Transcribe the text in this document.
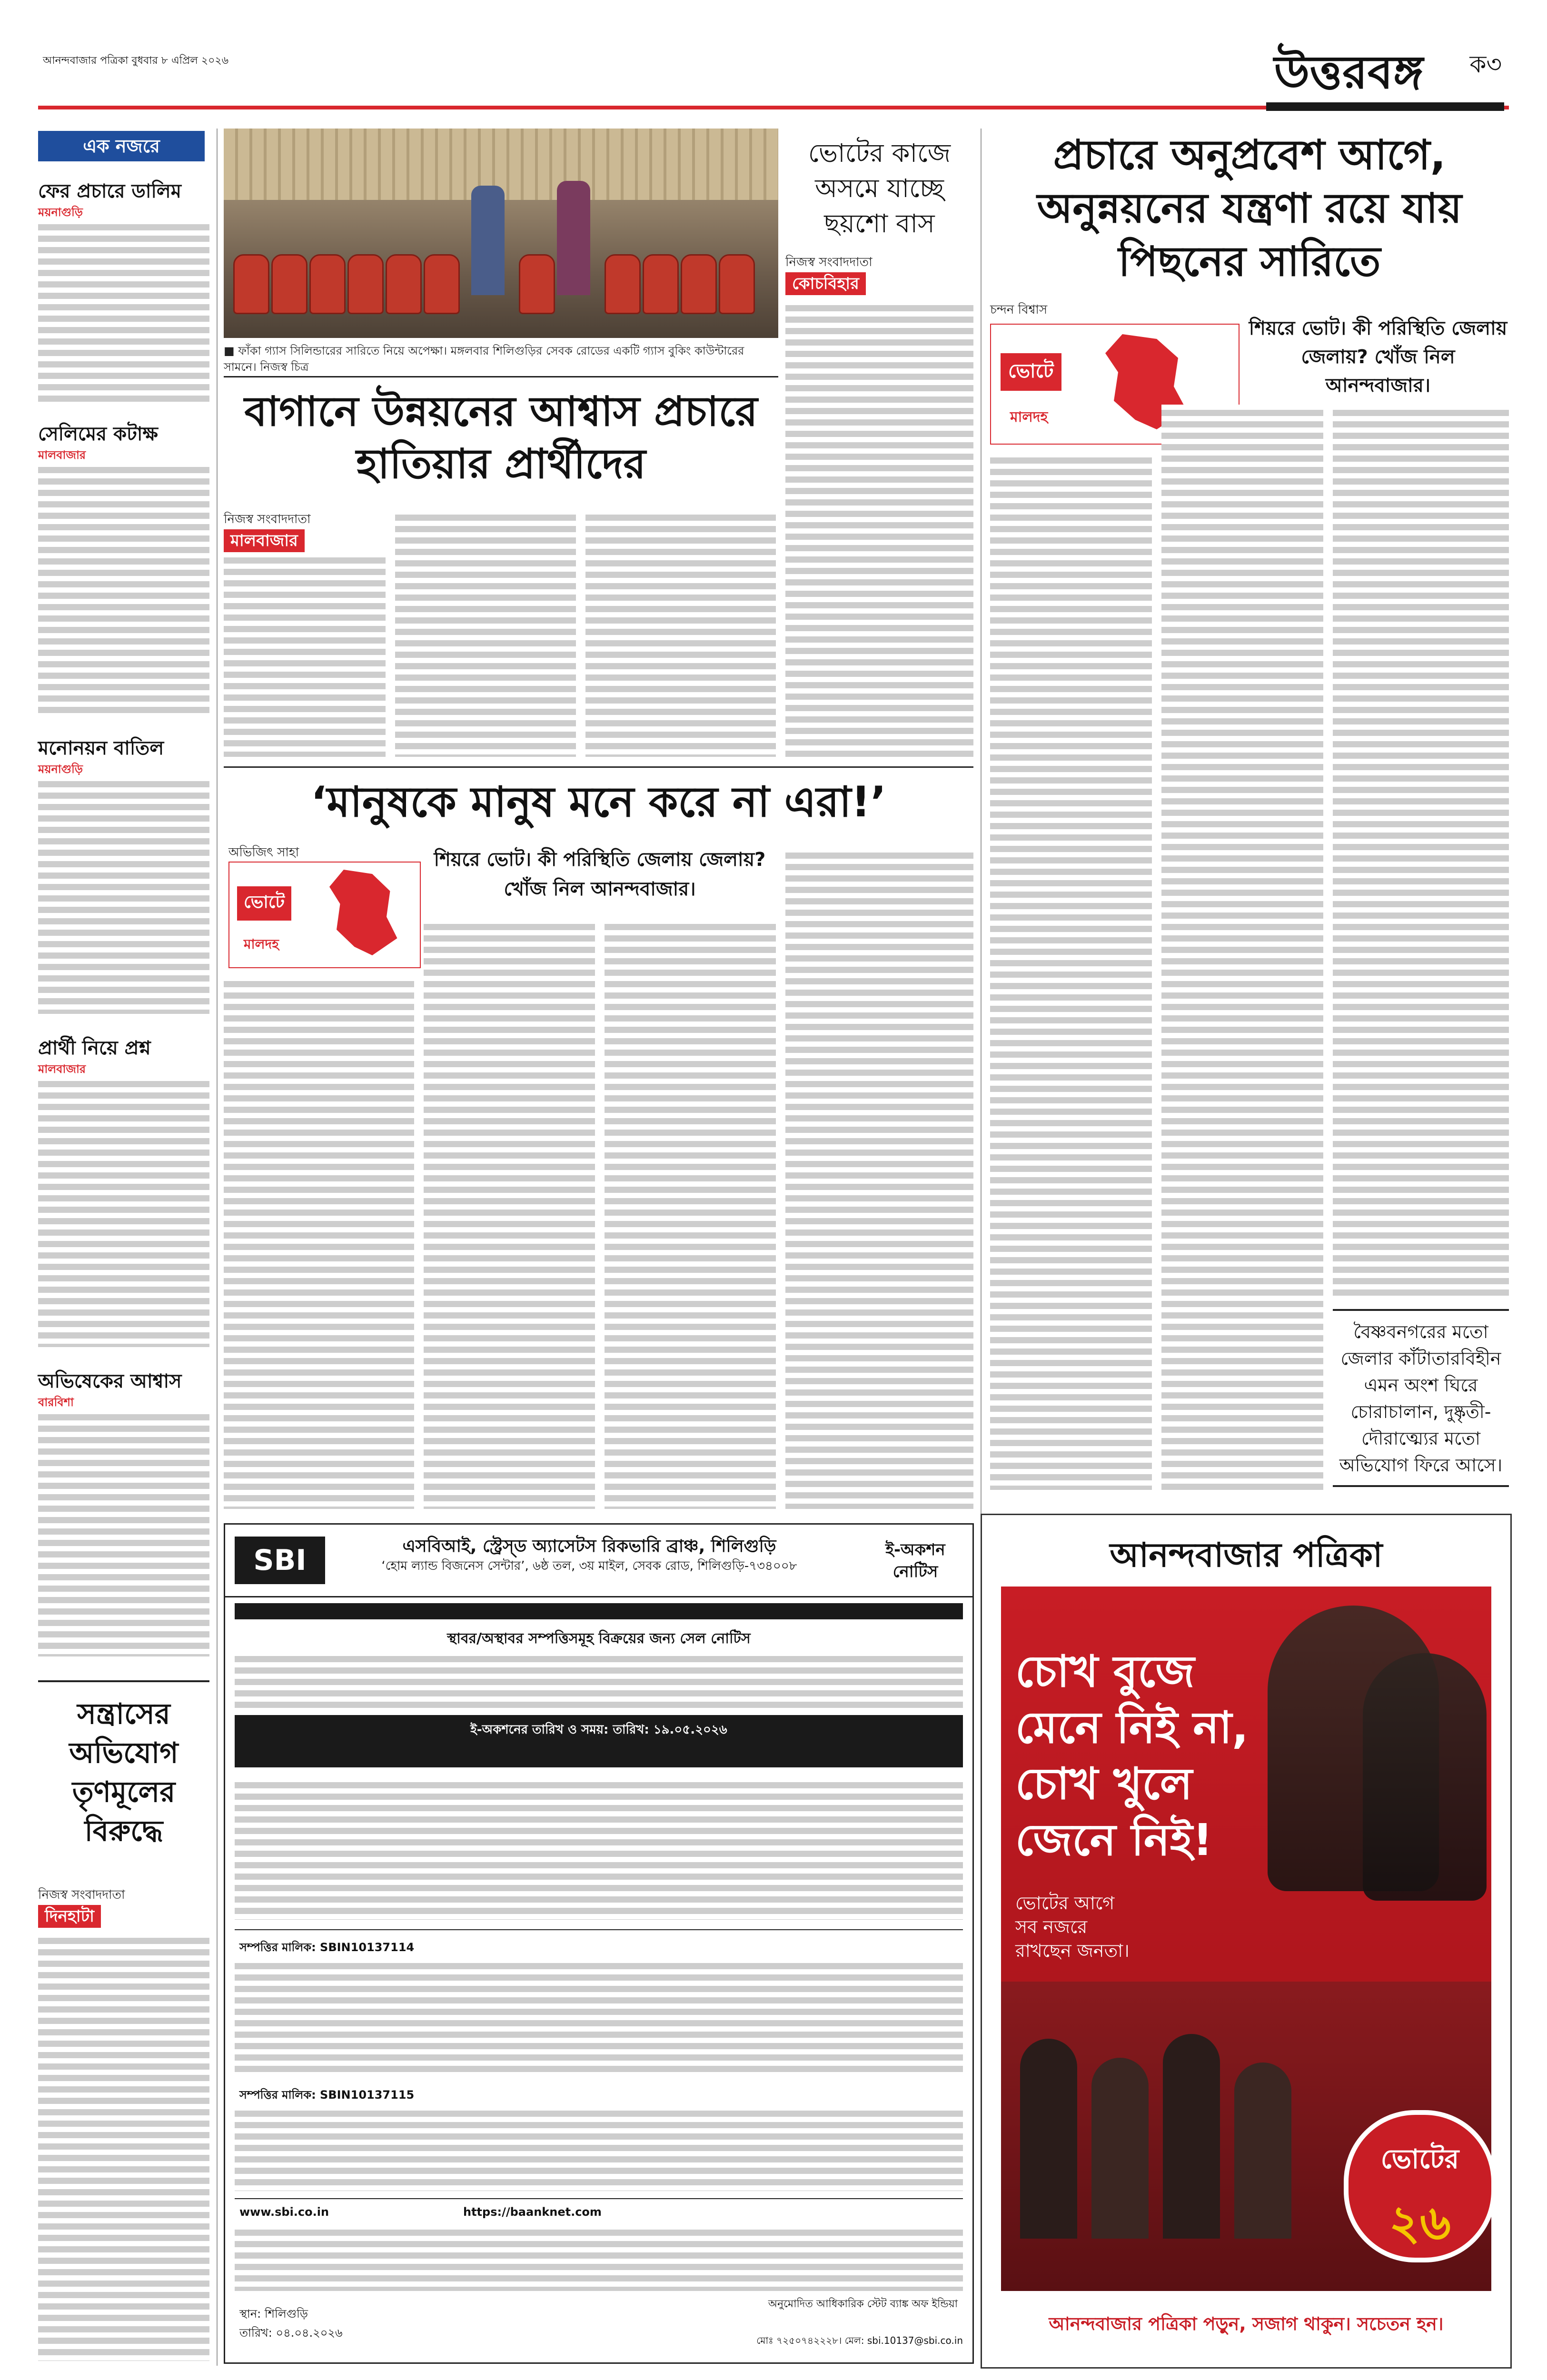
আনন্দবাজার পত্রিকা বুধবার ৮ এপ্রিল ২০২৬	উত্তরবঙ্গ ক৩
এক নজরে
ফের প্রচারে ডালিম
ময়নাগুড়ি
সেলিমের কটাক্ষ
মালবাজার
মনোনয়ন বাতিল
ময়নাগুড়ি
প্রার্থী নিয়ে প্রশ্ন
মালবাজার
অভিষেকের আশ্বাস
বারবিশা
সন্ত্রাসের অভিযোগ তৃণমূলের বিরুদ্ধে
নিজস্ব সংবাদদাতা
দিনহাটা
■ ফাঁকা গ্যাস সিলিন্ডারের সারিতে নিয়ে অপেক্ষা। মঙ্গলবার শিলিগুড়ির সেবক রোডের একটি গ্যাস বুকিং কাউন্টারের সামনে। নিজস্ব চিত্র
ভোটের কাজে অসমে যাচ্ছে ছয়শো বাস
নিজস্ব সংবাদদাতা
কোচবিহার
বাগানে উন্নয়নের আশ্বাস প্রচারে হাতিয়ার প্রার্থীদের
নিজস্ব সংবাদদাতা
মালবাজার
প্রচারে অনুপ্রবেশ আগে, অনুন্নয়নের যন্ত্রণা রয়ে যায় পিছনের সারিতে
চন্দন বিশ্বাস
শিয়রে ভোট। কী পরিস্থিতি জেলায় জেলায়? খোঁজ নিল আনন্দবাজার।
ভোটে
মালদহ
বৈষ্ণবনগরের মতো জেলার কাঁটাতারবিহীন এমন অংশ ঘিরে চোরাচালান, দুষ্কৃতী-দৌরাত্ম্যের মতো অভিযোগ ফিরে আসে।
‘মানুষকে মানুষ মনে করে না এরা!’
অভিজিৎ সাহা
ভোটে
মালদহ
শিয়রে ভোট। কী পরিস্থিতি জেলায় জেলায়? খোঁজ নিল আনন্দবাজার।
SBI	এসবিআই, স্ট্রেস্ড অ্যাসেটস রিকভারি ব্রাঞ্চ, শিলিগুড়ি
‘হোম ল্যান্ড বিজনেস সেন্টার’, ৬ষ্ঠ তল, ৩য় মাইল, সেবক রোড, শিলিগুড়ি-৭৩৪০০৮
ই-অকশন নোটিস
স্থাবর/অস্থাবর সম্পত্তিসমূহ বিক্রয়ের জন্য সেল নোটিস
ই-অকশনের তারিখ ও সময়: তারিখ: ১৯.০৫.২০২৬
সম্পত্তির মালিক: SBIN10137114
সম্পত্তির মালিক: SBIN10137115
www.sbi.co.in	https://baanknet.com
স্থান: শিলিগুড়ি
তারিখ: ০৪.০৪.২০২৬
অনুমোদিত আধিকারিক স্টেট ব্যাঙ্ক অফ ইন্ডিয়া
মোঃ ৭২৫০৭৪২২২৮। মেল: sbi.10137@sbi.co.in
আনন্দবাজার পত্রিকা
চোখ বুজে
মেনে নিই না,
চোখ খুলে
জেনে নিই!
ভোটের আগে
সব নজরে
রাখছেন জনতা।
ভোটের
২৬
আনন্দবাজার পত্রিকা পড়ুন, সজাগ থাকুন। সচেতন হন।
